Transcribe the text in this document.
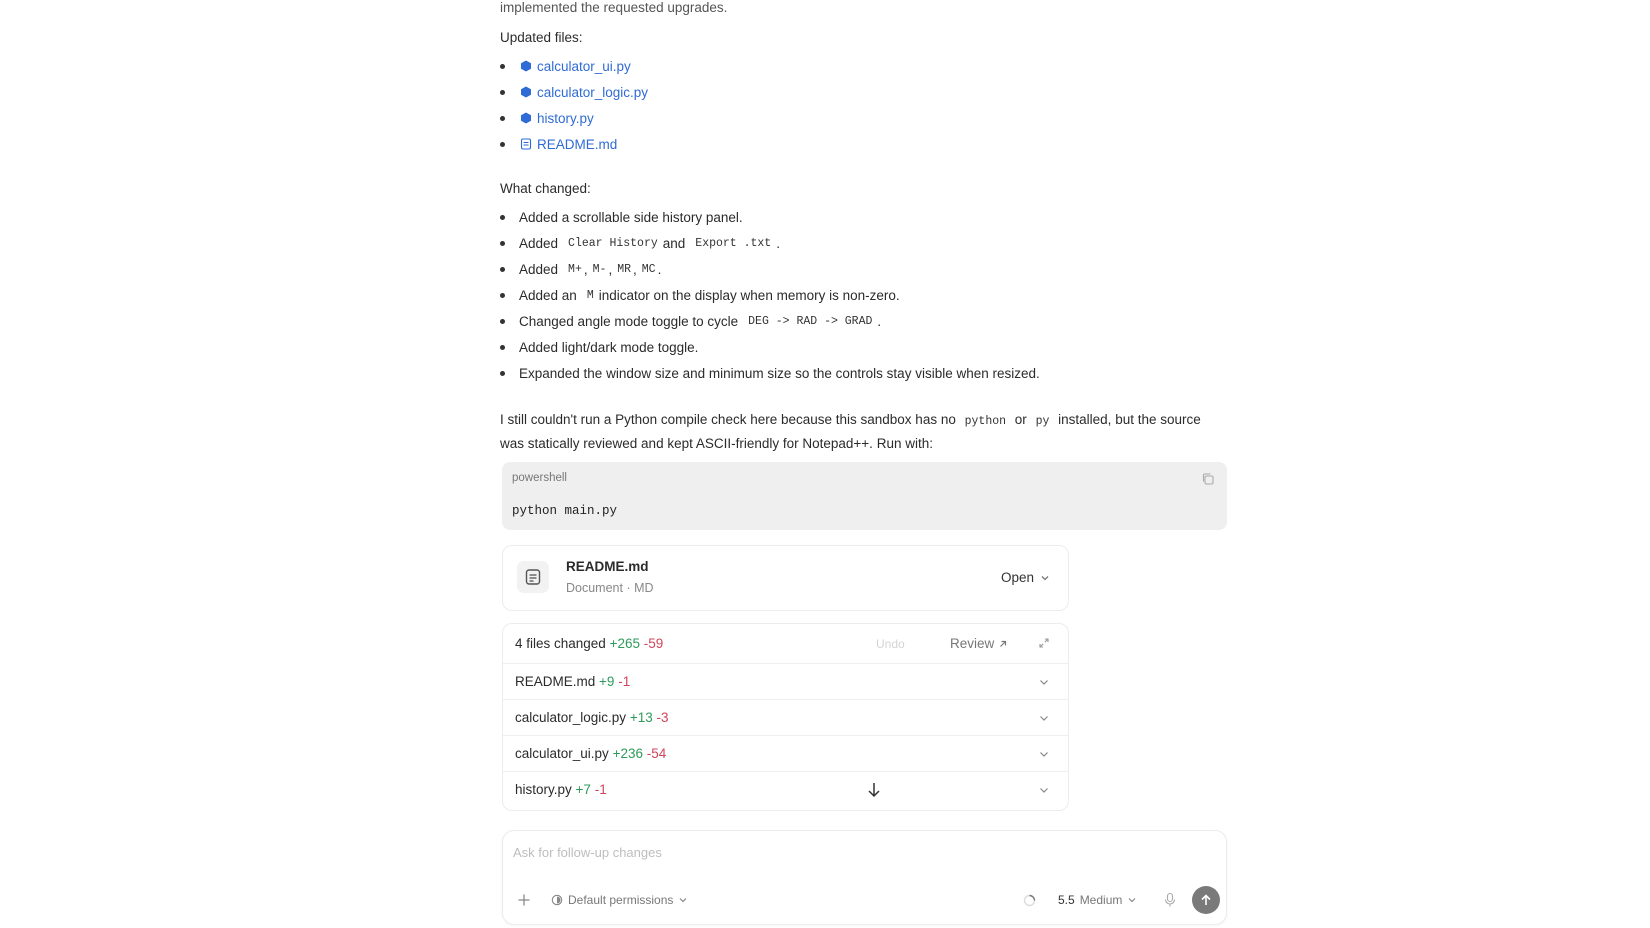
implemented the requested upgrades.
Updated files:
calculator_ui.py
calculator_logic.py
history.py
README.md
What changed:
Added a scrollable side history panel.
Added Clear History and Export .txt .
Added M+ , M- , MR , MC .
Added an M indicator on the display when memory is non-zero.
Changed angle mode toggle to cycle DEG -> RAD -> GRAD .
Added light/dark mode toggle.
Expanded the window size and minimum size so the controls stay visible when resized.
I still couldn't run a Python compile check here because this sandbox has no python or py installed, but the source
was statically reviewed and kept ASCII-friendly for Notepad++. Run with:
powershell
python main.py
README.md
Document · MD
Open
4 files changed +265 -59	Undo	Review
README.md +9 -1
calculator_logic.py +13 -3
calculator_ui.py +236 -54
history.py +7 -1
Ask for follow-up changes
Default permissions	5.5 Medium
